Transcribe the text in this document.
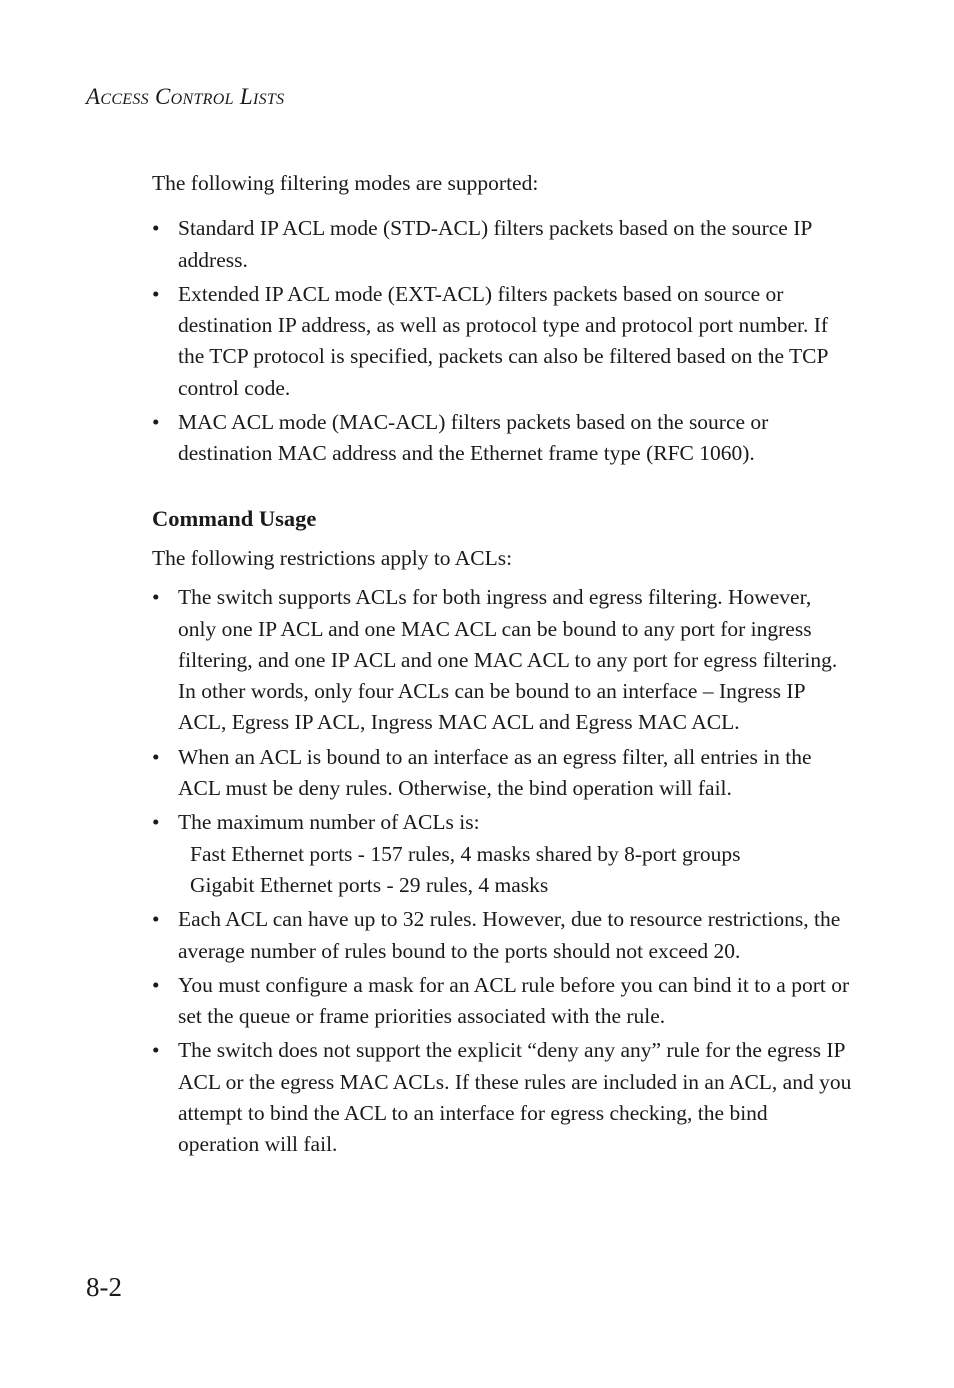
Access Control Lists

The following filtering modes are supported:

• Standard IP ACL mode (STD-ACL) filters packets based on the source IP address.
• Extended IP ACL mode (EXT-ACL) filters packets based on source or destination IP address, as well as protocol type and protocol port number. If the TCP protocol is specified, packets can also be filtered based on the TCP control code.
• MAC ACL mode (MAC-ACL) filters packets based on the source or destination MAC address and the Ethernet frame type (RFC 1060).
Command Usage

The following restrictions apply to ACLs:

• The switch supports ACLs for both ingress and egress filtering. However, only one IP ACL and one MAC ACL can be bound to any port for ingress filtering, and one IP ACL and one MAC ACL to any port for egress filtering. In other words, only four ACLs can be bound to an interface – Ingress IP ACL, Egress IP ACL, Ingress MAC ACL and Egress MAC ACL.
• When an ACL is bound to an interface as an egress filter, all entries in the ACL must be deny rules. Otherwise, the bind operation will fail.
• The maximum number of ACLs is:
Fast Ethernet ports - 157 rules, 4 masks shared by 8-port groups
Gigabit Ethernet ports - 29 rules, 4 masks
• Each ACL can have up to 32 rules. However, due to resource restrictions, the average number of rules bound to the ports should not exceed 20.
• You must configure a mask for an ACL rule before you can bind it to a port or set the queue or frame priorities associated with the rule.
• The switch does not support the explicit “deny any any” rule for the egress IP ACL or the egress MAC ACLs. If these rules are included in an ACL, and you attempt to bind the ACL to an interface for egress checking, the bind operation will fail.
8-2
